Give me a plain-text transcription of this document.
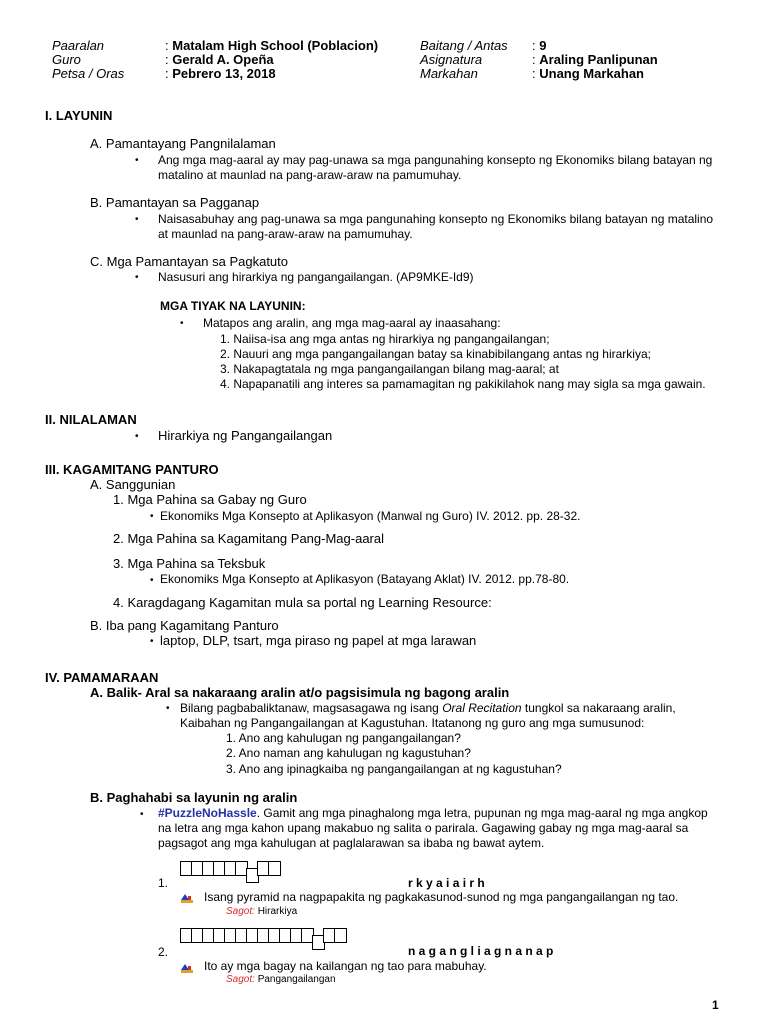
Paaralan	: Matalam High School (Poblacion)	Baitang / Antas : 9
Guro	: Gerald A. Opeña	Asignatura	: Araling Panlipunan
Petsa / Oras	: Pebrero 13, 2018	Markahan	: Unang Markahan
I. LAYUNIN
A. Pamantayang Pangnilalaman
• Ang mga mag-aaral ay may pag-unawa sa mga pangunahing konsepto ng Ekonomiks bilang batayan ng
matalino at maunlad na pang-araw-araw na pamumuhay.
B. Pamantayan sa Pagganap
• Naisasabuhay ang pag-unawa sa mga pangunahing konsepto ng Ekonomiks bilang batayan ng matalino
at maunlad na pang-araw-araw na pamumuhay.
C. Mga Pamantayan sa Pagkatuto
• Nasusuri ang hirarkiya ng pangangailangan. (AP9MKE-Id9)
MGA TIYAK NA LAYUNIN:
• Matapos ang aralin, ang mga mag-aaral ay inaasahang:
1. Naiisa-isa ang mga antas ng hirarkiya ng pangangailangan;
2. Nauuri ang mga pangangailangan batay sa kinabibilangang antas ng hirarkiya;
3. Nakapagtatala ng mga pangangailangan bilang mag-aaral; at
4. Napapanatili ang interes sa pamamagitan ng pakikilahok nang may sigla sa mga gawain.
II. NILALAMAN
• Hirarkiya ng Pangangailangan
III. KAGAMITANG PANTURO
A. Sanggunian
1. Mga Pahina sa Gabay ng Guro
• Ekonomiks Mga Konsepto at Aplikasyon (Manwal ng Guro) IV. 2012. pp. 28-32.
2. Mga Pahina sa Kagamitang Pang-Mag-aaral
3. Mga Pahina sa Teksbuk
• Ekonomiks Mga Konsepto at Aplikasyon (Batayang Aklat) IV. 2012. pp.78-80.
4. Karagdagang Kagamitan mula sa portal ng Learning Resource:
B. Iba pang Kagamitang Panturo
• laptop, DLP, tsart, mga piraso ng papel at mga larawan
IV. PAMAMARAAN
A. Balik- Aral sa nakaraang aralin at/o pagsisimula ng bagong aralin
• Bilang pagbabaliktanaw, magsasagawa ng isang Oral Recitation tungkol sa nakaraang aralin,
Kaibahan ng Pangangailangan at Kagustuhan. Itatanong ng guro ang mga sumusunod:
1. Ano ang kahulugan ng pangangailangan?
2. Ano naman ang kahulugan ng kagustuhan?
3. Ano ang ipinagkaiba ng pangangailangan at ng kagustuhan?
B. Paghahabi sa layunin ng aralin
• #PuzzleNoHassle. Gamit ang mga pinaghalong mga letra, pupunan ng mga mag-aaral ng mga angkop
na letra ang mga kahon upang makabuo ng salita o parirala. Gagawing gabay ng mga mag-aaral sa
pagsagot ang mga kahulugan at paglalarawan sa ibaba ng bawat aytem.
1.	r k y a i a i r h
Isang pyramid na nagpapakita ng pagkakasunod-sunod ng mga pangangailangan ng tao.
Sagot: Hirarkiya
2.	n a g a n g l i a g n a n a p
Ito ay mga bagay na kailangan ng tao para mabuhay.
Sagot: Pangangailangan
1
